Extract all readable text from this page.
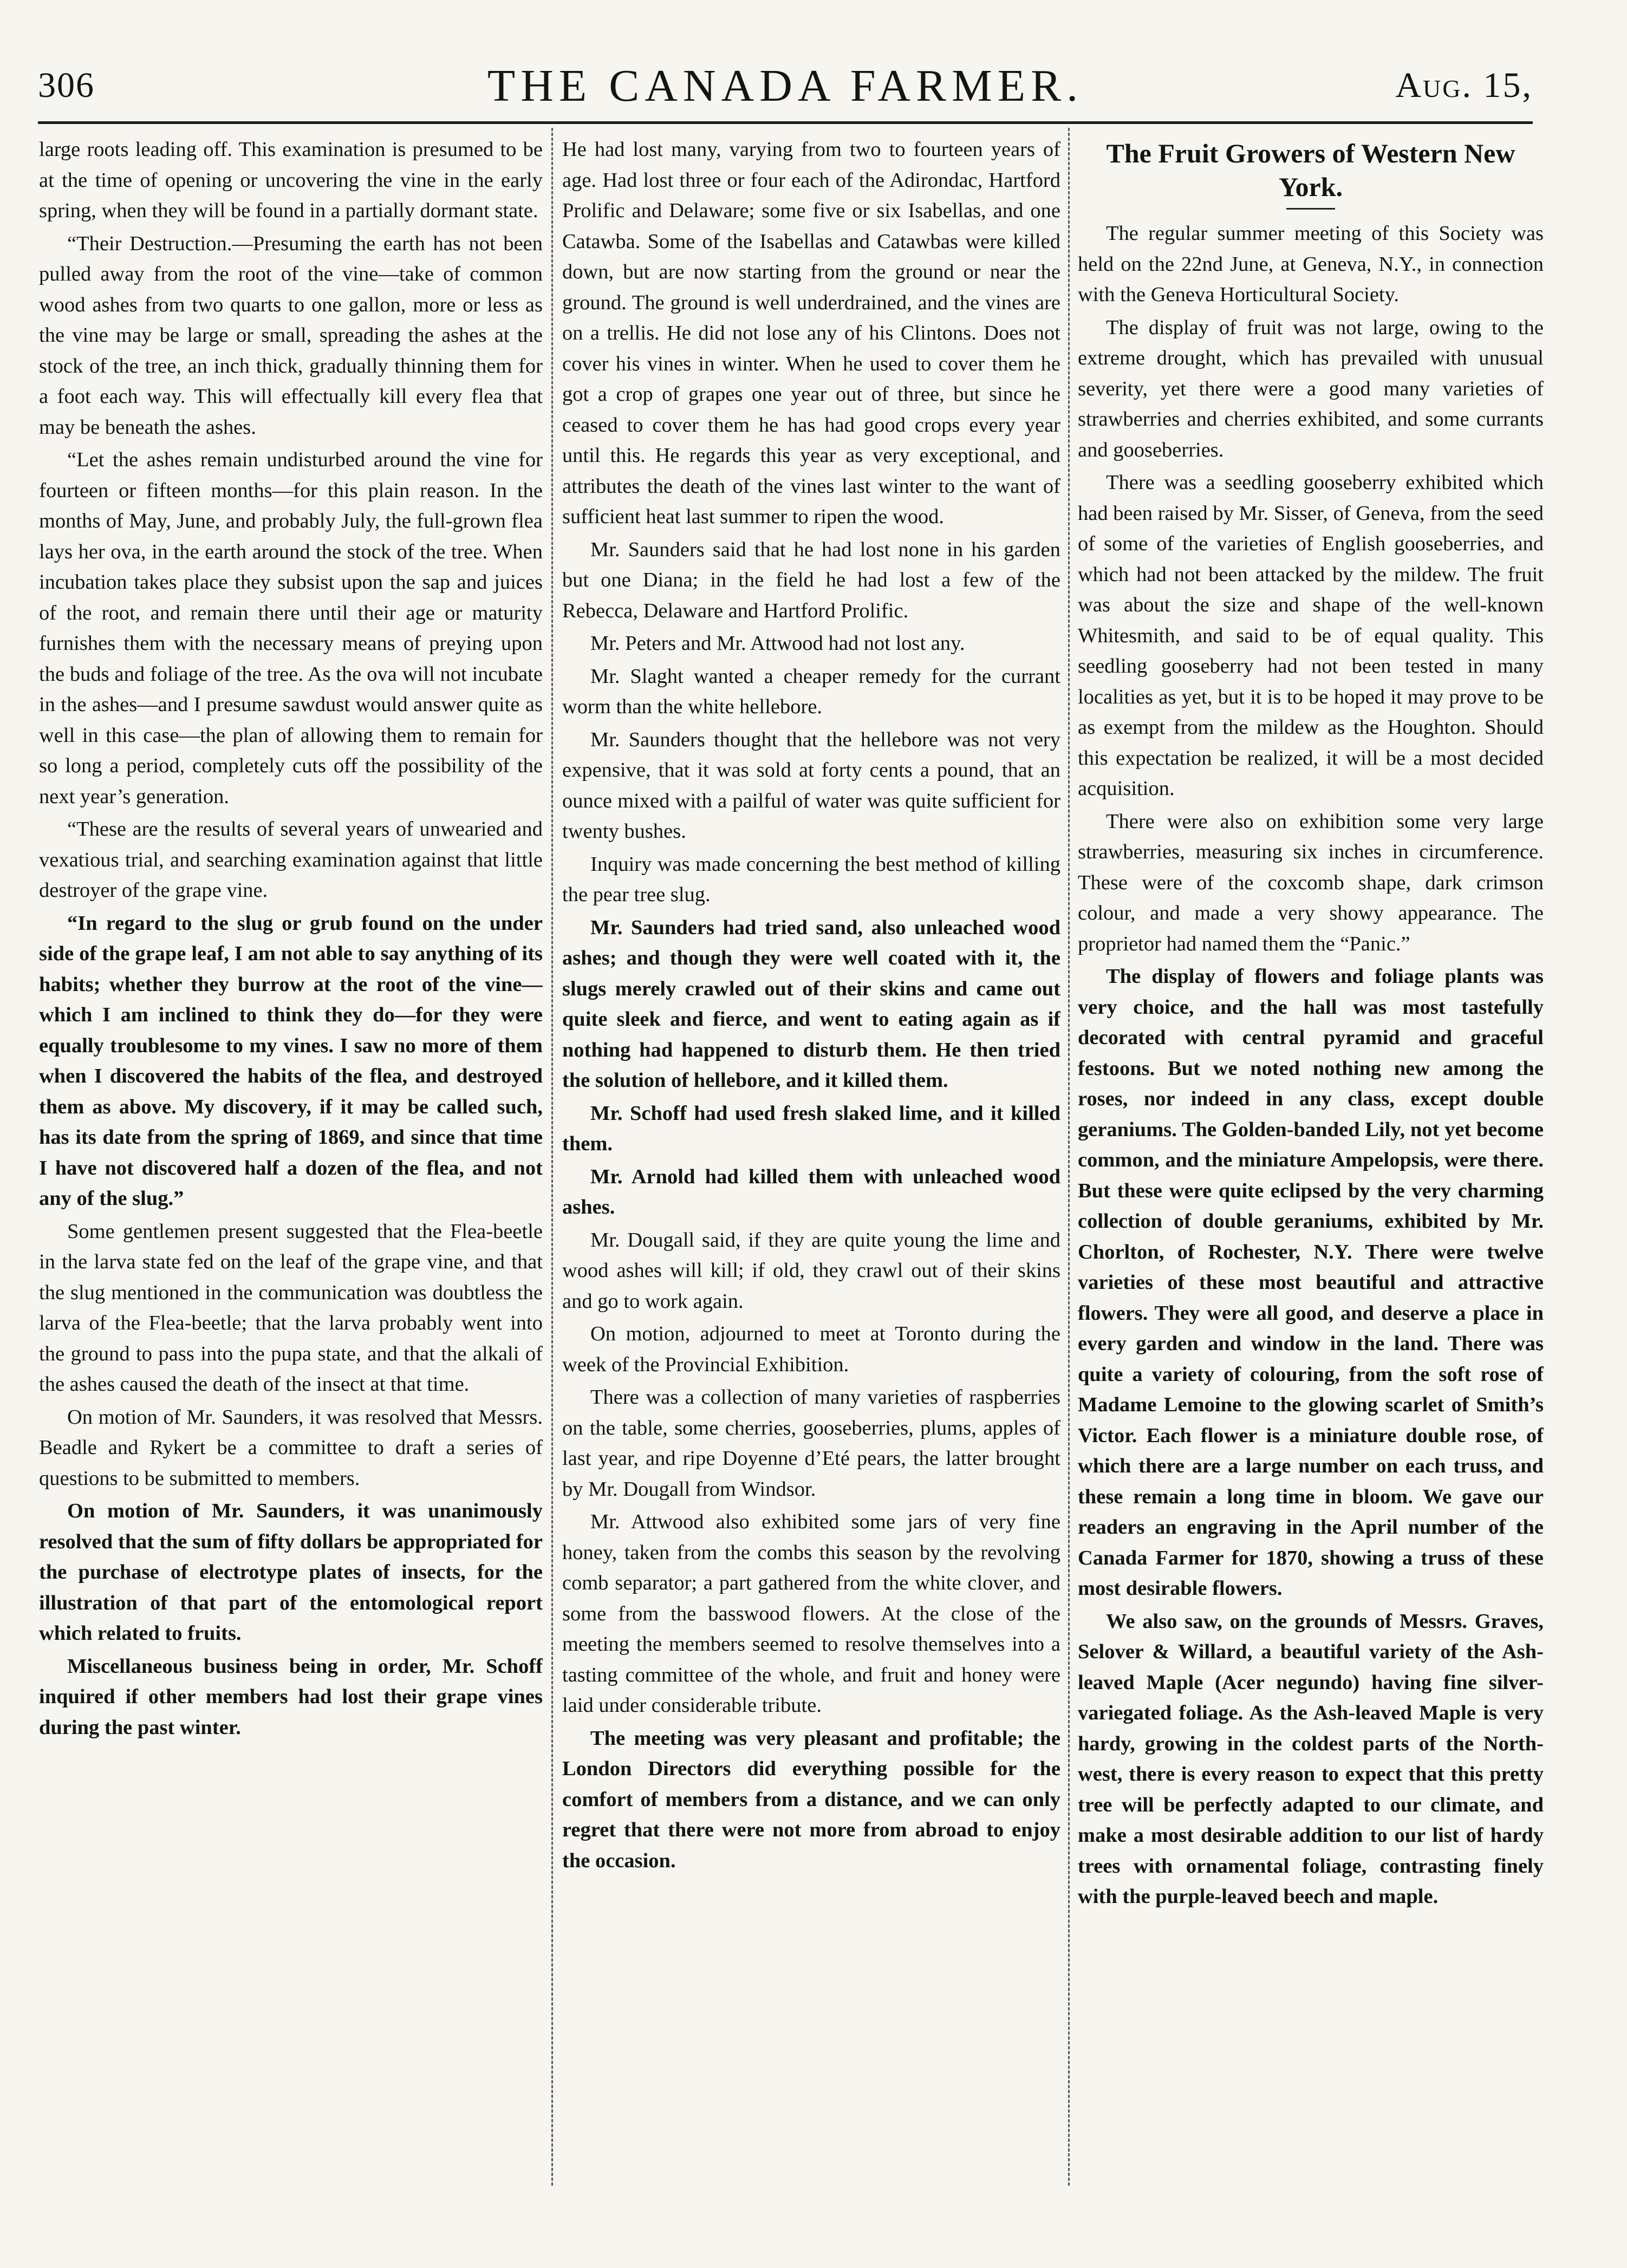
306	THE CANADA FARMER.	Aug. 15,

large roots leading off. This examination is presumed to be at the time of opening or uncovering the vine in the early spring, when they will be found in a partially dormant state.

“Their Destruction.—Presuming the earth has not been pulled away from the root of the vine—take of common wood ashes from two quarts to one gallon, more or less as the vine may be large or small, spreading the ashes at the stock of the tree, an inch thick, gradually thinning them for a foot each way. This will effectually kill every flea that may be beneath the ashes.

“Let the ashes remain undisturbed around the vine for fourteen or fifteen months—for this plain reason. In the months of May, June, and probably July, the full-grown flea lays her ova, in the earth around the stock of the tree. When incubation takes place they subsist upon the sap and juices of the root, and remain there until their age or maturity furnishes them with the necessary means of preying upon the buds and foliage of the tree. As the ova will not incubate in the ashes—and I presume sawdust would answer quite as well in this case—the plan of allowing them to remain for so long a period, completely cuts off the possibility of the next year’s generation.

“These are the results of several years of unwearied and vexatious trial, and searching examination against that little destroyer of the grape vine.

“In regard to the slug or grub found on the under side of the grape leaf, I am not able to say anything of its habits; whether they burrow at the root of the vine—which I am inclined to think they do—for they were equally troublesome to my vines. I saw no more of them when I discovered the habits of the flea, and destroyed them as above. My discovery, if it may be called such, has its date from the spring of 1869, and since that time I have not discovered half a dozen of the flea, and not any of the slug.”

Some gentlemen present suggested that the Flea-beetle in the larva state fed on the leaf of the grape vine, and that the slug mentioned in the communication was doubtless the larva of the Flea-beetle; that the larva probably went into the ground to pass into the pupa state, and that the alkali of the ashes caused the death of the insect at that time.

On motion of Mr. Saunders, it was resolved that Messrs. Beadle and Rykert be a committee to draft a series of questions to be submitted to members.

On motion of Mr. Saunders, it was unanimously resolved that the sum of fifty dollars be appropriated for the purchase of electrotype plates of insects, for the illustration of that part of the entomological report which related to fruits.

Miscellaneous business being in order, Mr. Schoff inquired if other members had lost their grape vines during the past winter.

He had lost many, varying from two to fourteen years of age. Had lost three or four each of the Adirondac, Hartford Prolific and Delaware; some five or six Isabellas, and one Catawba. Some of the Isabellas and Catawbas were killed down, but are now starting from the ground or near the ground. The ground is well underdrained, and the vines are on a trellis. He did not lose any of his Clintons. Does not cover his vines in winter. When he used to cover them he got a crop of grapes one year out of three, but since he ceased to cover them he has had good crops every year until this. He regards this year as very exceptional, and attributes the death of the vines last winter to the want of sufficient heat last summer to ripen the wood.

Mr. Saunders said that he had lost none in his garden but one Diana; in the field he had lost a few of the Rebecca, Delaware and Hartford Prolific.

Mr. Peters and Mr. Attwood had not lost any.

Mr. Slaght wanted a cheaper remedy for the currant worm than the white hellebore.

Mr. Saunders thought that the hellebore was not very expensive, that it was sold at forty cents a pound, that an ounce mixed with a pailful of water was quite sufficient for twenty bushes.

Inquiry was made concerning the best method of killing the pear tree slug.

Mr. Saunders had tried sand, also unleached wood ashes; and though they were well coated with it, the slugs merely crawled out of their skins and came out quite sleek and fierce, and went to eating again as if nothing had happened to disturb them. He then tried the solution of hellebore, and it killed them.

Mr. Schoff had used fresh slaked lime, and it killed them.

Mr. Arnold had killed them with unleached wood ashes.

Mr. Dougall said, if they are quite young the lime and wood ashes will kill; if old, they crawl out of their skins and go to work again.

On motion, adjourned to meet at Toronto during the week of the Provincial Exhibition.

There was a collection of many varieties of raspberries on the table, some cherries, gooseberries, plums, apples of last year, and ripe Doyenne d’Eté pears, the latter brought by Mr. Dougall from Windsor.

Mr. Attwood also exhibited some jars of very fine honey, taken from the combs this season by the revolving comb separator; a part gathered from the white clover, and some from the basswood flowers. At the close of the meeting the members seemed to resolve themselves into a tasting committee of the whole, and fruit and honey were laid under considerable tribute.

The meeting was very pleasant and profitable; the London Directors did everything possible for the comfort of members from a distance, and we can only regret that there were not more from abroad to enjoy the occasion.

The Fruit Growers of Western New York.

The regular summer meeting of this Society was held on the 22nd June, at Geneva, N.Y., in connection with the Geneva Horticultural Society.

The display of fruit was not large, owing to the extreme drought, which has prevailed with unusual severity, yet there were a good many varieties of strawberries and cherries exhibited, and some currants and gooseberries.

There was a seedling gooseberry exhibited which had been raised by Mr. Sisser, of Geneva, from the seed of some of the varieties of English gooseberries, and which had not been attacked by the mildew. The fruit was about the size and shape of the well-known Whitesmith, and said to be of equal quality. This seedling gooseberry had not been tested in many localities as yet, but it is to be hoped it may prove to be as exempt from the mildew as the Houghton. Should this expectation be realized, it will be a most decided acquisition.

There were also on exhibition some very large strawberries, measuring six inches in circumference. These were of the coxcomb shape, dark crimson colour, and made a very showy appearance. The proprietor had named them the “Panic.”

The display of flowers and foliage plants was very choice, and the hall was most tastefully decorated with central pyramid and graceful festoons. But we noted nothing new among the roses, nor indeed in any class, except double geraniums. The Golden-banded Lily, not yet become common, and the miniature Ampelopsis, were there. But these were quite eclipsed by the very charming collection of double geraniums, exhibited by Mr. Chorlton, of Rochester, N.Y. There were twelve varieties of these most beautiful and attractive flowers. They were all good, and deserve a place in every garden and window in the land. There was quite a variety of colouring, from the soft rose of Madame Lemoine to the glowing scarlet of Smith’s Victor. Each flower is a miniature double rose, of which there are a large number on each truss, and these remain a long time in bloom. We gave our readers an engraving in the April number of the Canada Farmer for 1870, showing a truss of these most desirable flowers.

We also saw, on the grounds of Messrs. Graves, Selover & Willard, a beautiful variety of the Ash-leaved Maple (Acer negundo) having fine silver-variegated foliage. As the Ash-leaved Maple is very hardy, growing in the coldest parts of the North-west, there is every reason to expect that this pretty tree will be perfectly adapted to our climate, and make a most desirable addition to our list of hardy trees with ornamental foliage, contrasting finely with the purple-leaved beech and maple.
